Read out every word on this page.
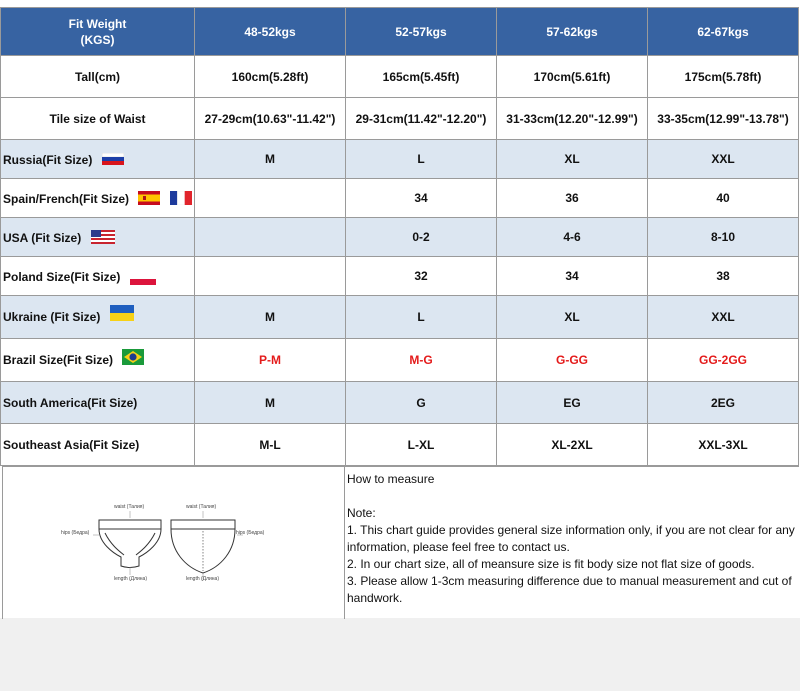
Fit Weight
(KGS)	48-52kgs	52-57kgs	57-62kgs	62-67kgs
Tall(cm)	160cm(5.28ft)	165cm(5.45ft)	170cm(5.61ft)	175cm(5.78ft)
Tile size of Waist	27-29cm(10.63"-11.42")	29-31cm(11.42"-12.20")	31-33cm(12.20"-12.99")	33-35cm(12.99"-13.78")
Russia(Fit Size)	M	L	XL	XXL
Spain/French(Fit Size)		34	36	40
USA (Fit Size)		0-2	4-6	8-10
Poland Size(Fit Size)		32	34	38
Ukraine (Fit Size)	M	L	XL	XXL
Brazil Size(Fit Size)	P-M	M-G	G-GG	GG-2GG
South America(Fit Size)	M	G	EG	2EG
Southeast Asia(Fit Size)	M-L	L-XL	XL-2XL	XXL-3XL
waist (Талия)	waist (Талия)
hips (Бедра)	hips (Бедра)
length (Длина)	length (Длина)
How to measure
Note:
1. This chart guide provides general size information only, if you are not clear for any information, please feel free to contact us.
2. In our chart size, all of meansure size is fit body size not flat size of goods.
3. Please allow 1-3cm measuring difference due to manual measurement and cut of handwork.
